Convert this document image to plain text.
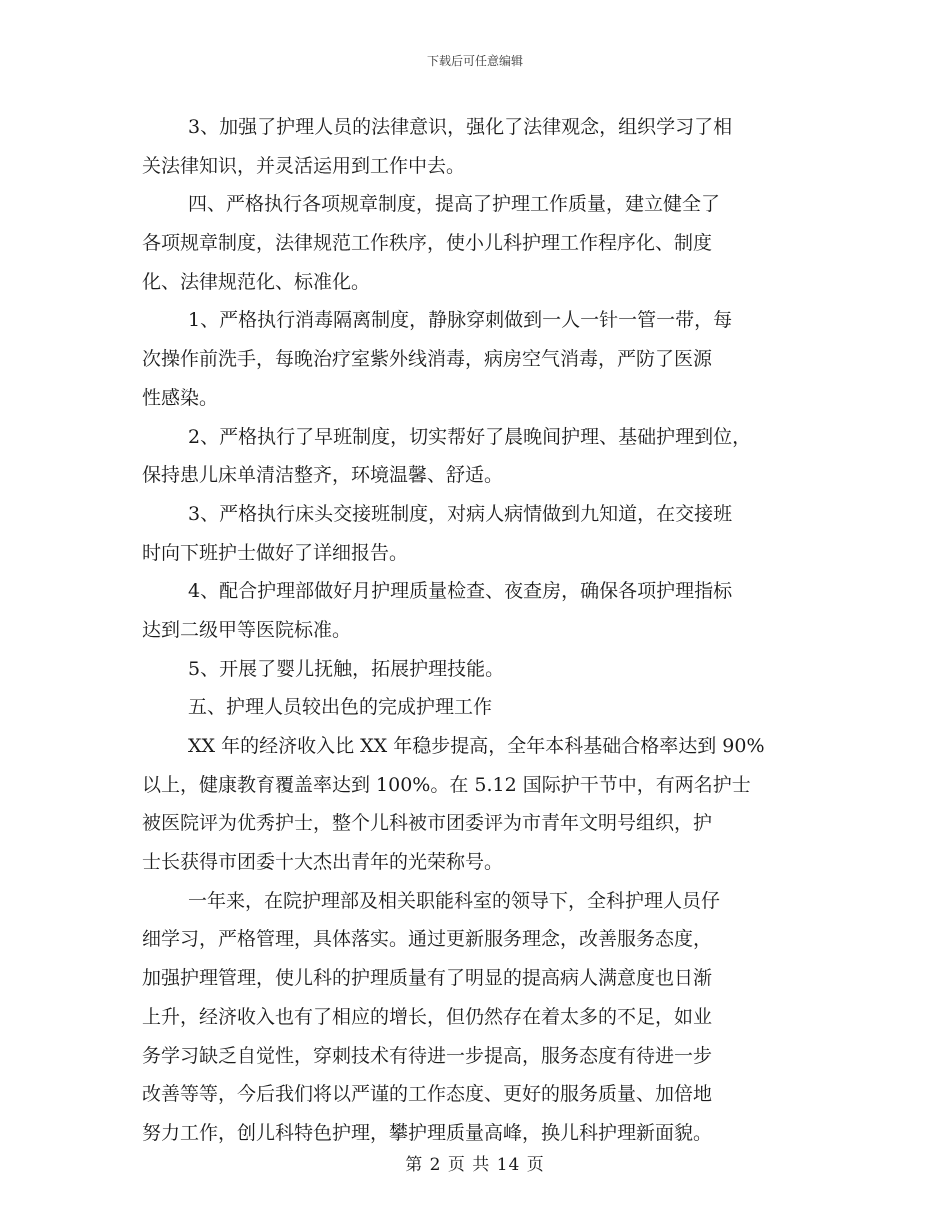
下载后可任意编辑
3、加强了护理人员的法律意识，强化了法律观念，组织学习了相
关法律知识，并灵活运用到工作中去。
四、严格执行各项规章制度，提高了护理工作质量，建立健全了
各项规章制度，法律规范工作秩序，使小儿科护理工作程序化、制度
化、法律规范化、标准化。
1、严格执行消毒隔离制度，静脉穿刺做到一人一针一管一带，每
次操作前洗手，每晚治疗室紫外线消毒，病房空气消毒，严防了医源
性感染。
2、严格执行了早班制度，切实帮好了晨晚间护理、基础护理到位，
保持患儿床单清洁整齐，环境温馨、舒适。
3、严格执行床头交接班制度，对病人病情做到九知道，在交接班
时向下班护士做好了详细报告。
4、配合护理部做好月护理质量检查、夜查房，确保各项护理指标
达到二级甲等医院标准。
5、开展了婴儿抚触，拓展护理技能。
五、护理人员较出色的完成护理工作
XX 年的经济收入比 XX 年稳步提高，全年本科基础合格率达到 90%
以上，健康教育覆盖率达到 100%。在 5.12 国际护干节中，有两名护士
被医院评为优秀护士，整个儿科被市团委评为市青年文明号组织，护
士长获得市团委十大杰出青年的光荣称号。
一年来，在院护理部及相关职能科室的领导下，全科护理人员仔
细学习，严格管理，具体落实。通过更新服务理念，改善服务态度，
加强护理管理，使儿科的护理质量有了明显的提高病人满意度也日渐
上升，经济收入也有了相应的增长，但仍然存在着太多的不足，如业
务学习缺乏自觉性，穿刺技术有待进一步提高，服务态度有待进一步
改善等等，今后我们将以严谨的工作态度、更好的服务质量、加倍地
努力工作，创儿科特色护理，攀护理质量高峰，换儿科护理新面貌。
第 2 页 共 14 页
